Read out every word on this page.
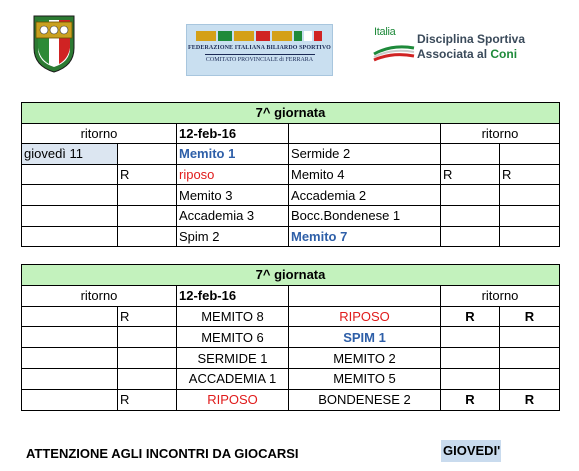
FEDERAZIONE ITALIANA BILIARDO SPORTIVO
COMITATO PROVINCIALE di FERRARA
Italia Disciplina Sportiva
Associata al Coni
7^ giornata					
ritorno		12-feb-16		ritorno	
giovedì 11		Memito 1	Sermide 2		
	R	riposo	Memito 4	R	R
		Memito 3	Accademia 2		
		Accademia 3	Bocc.Bondenese 1		
		Spim 2	Memito 7		
7^ giornata					
ritorno		12-feb-16		ritorno	
	R	MEMITO 8	RIPOSO	R	R
		MEMITO 6	SPIM 1		
		SERMIDE 1	MEMITO 2		
		ACCADEMIA 1	MEMITO 5		
	R	RIPOSO	BONDENESE 2	R	R
ATTENZIONE AGLI INCONTRI DA GIOCARSI	GIOVEDI'
